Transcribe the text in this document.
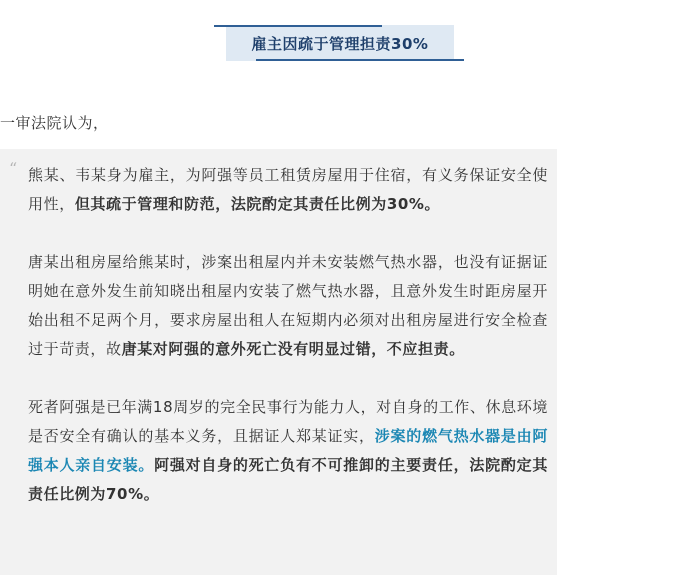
雇主因疏于管理担责30%
一审法院认为，
“ 熊某、韦某身为雇主，为阿强等员工租赁房屋用于住宿，有义务保证安全使用性，但其疏于管理和防范，法院酌定其责任比例为30%。

唐某出租房屋给熊某时，涉案出租屋内并未安装燃气热水器，也没有证据证明她在意外发生前知晓出租屋内安装了燃气热水器，且意外发生时距房屋开始出租不足两个月，要求房屋出租人在短期内必须对出租房屋进行安全检查过于苛责，故唐某对阿强的意外死亡没有明显过错，不应担责。

死者阿强是已年满18周岁的完全民事行为能力人，对自身的工作、休息环境是否安全有确认的基本义务，且据证人郑某证实，涉案的燃气热水器是由阿强本人亲自安装。阿强对自身的死亡负有不可推卸的主要责任，法院酌定其责任比例为70%。
